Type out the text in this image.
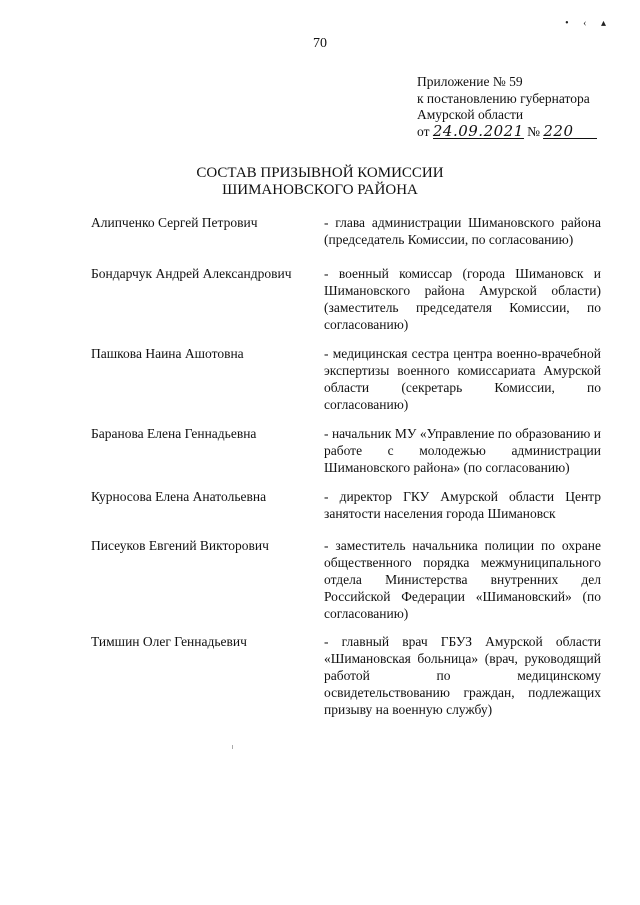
70
• ‹ ▴
Приложение № 59
к постановлению губернатора
Амурской области
от 24.09.2021 № 220
СОСТАВ ПРИЗЫВНОЙ КОМИССИИ
ШИМАНОВСКОГО РАЙОНА
Алипченко Сергей Петрович	- глава администрации Шимановского района (председатель Комиссии, по согласованию)
Бондарчук Андрей Александрович - военный комиссар (города Шимановск и Шимановского района Амурской области) (заместитель председателя Комиссии, по согласованию)
Пашкова Наина Ашотовна	- медицинская сестра центра военно-врачебной экспертизы военного комиссариата Амурской области (секретарь Комиссии, по согласованию)
Баранова Елена Геннадьевна	- начальник МУ «Управление по образованию и работе с молодежью администрации Шимановского района» (по согласованию)
Курносова Елена Анатольевна	- директор ГКУ Амурской области Центр занятости населения города Шимановск
Писеуков Евгений Викторович	- заместитель начальника полиции по охране общественного порядка межмуниципального отдела Министерства внутренних дел Российской Федерации «Шимановский» (по согласованию)
Тимшин Олег Геннадьевич	- главный врач ГБУЗ Амурской области «Шимановская больница» (врач, руководящий работой по медицинскому освидетельствованию граждан, подлежащих призыву на военную службу)
